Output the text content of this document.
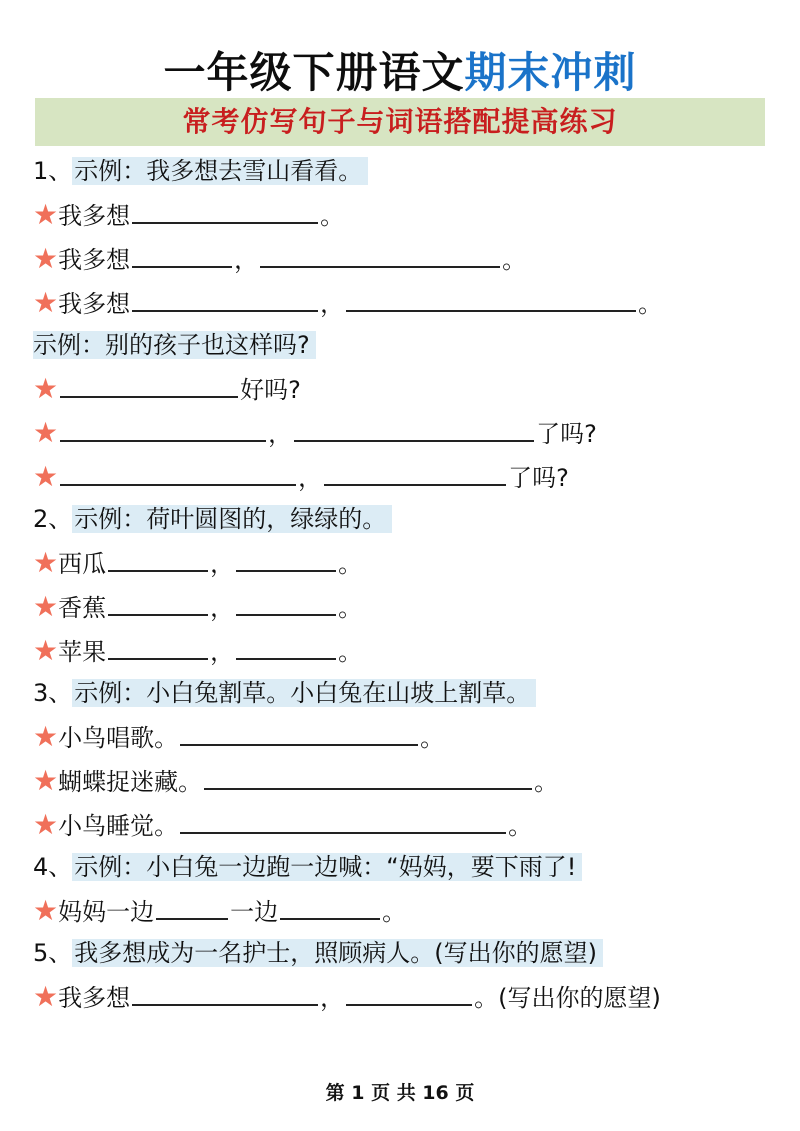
一年级下册语文期末冲刺
常考仿写句子与词语搭配提高练习
1、示例：我多想去雪山看看。
★我多想	。
★我多想	，	。
★我多想	，	。
示例：别的孩子也这样吗?
★	好吗?
★	，	了吗?
★	，	了吗?
2、示例：荷叶圆图的，绿绿的。
★西瓜	，	。
★香蕉	，	。
★苹果	，	。
3、示例：小白兔割草。小白兔在山坡上割草。
★小鸟唱歌。	。
★蝴蝶捉迷藏。	。
★小鸟睡觉。	。
4、示例：小白兔一边跑一边喊：“妈妈，要下雨了!
★妈妈一边	一边	。
5、我多想成为一名护士，照顾病人。(写出你的愿望)
★我多想	，	。(写出你的愿望)
第 1 页 共 16 页
